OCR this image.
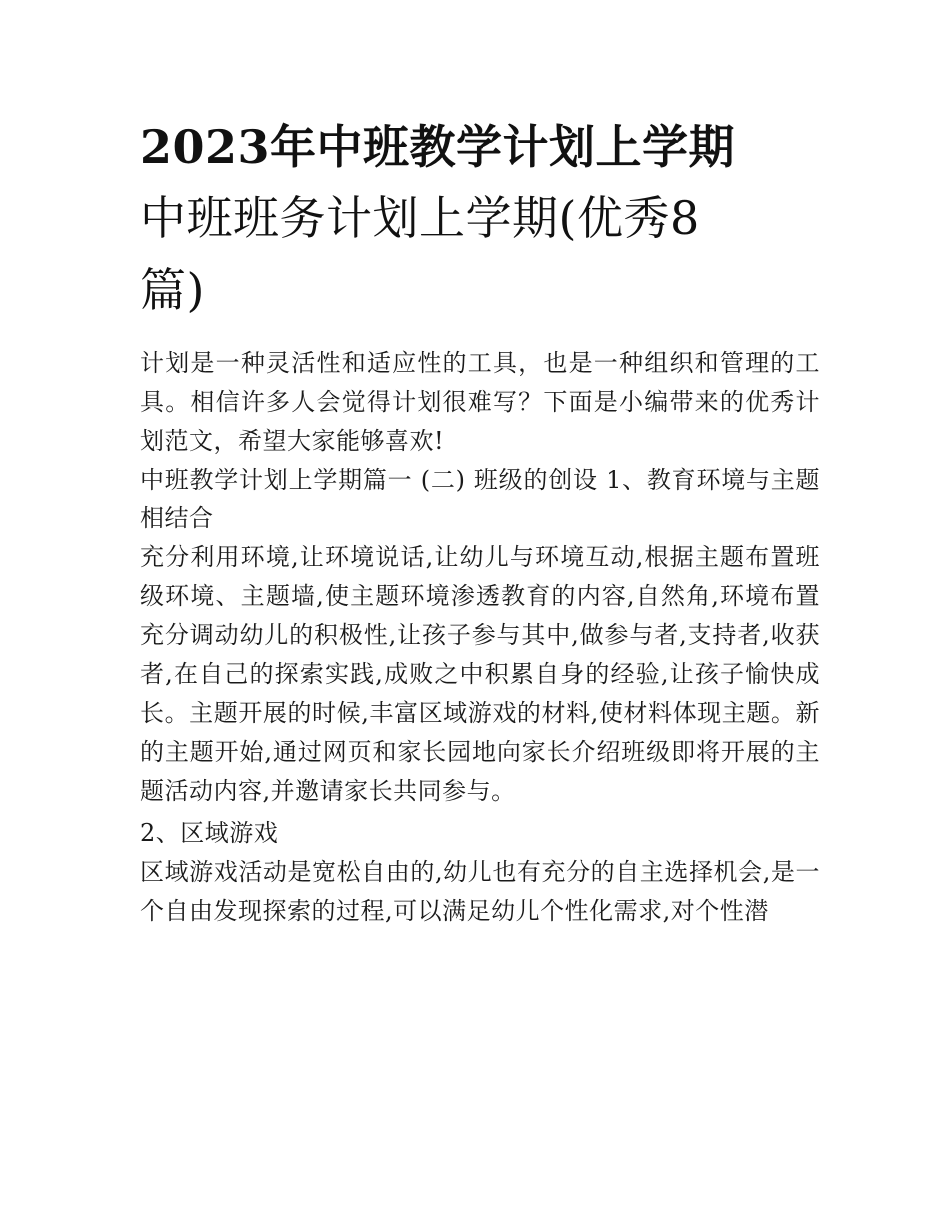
2023年中班教学计划上学期
中班班务计划上学期(优秀8篇)

计划是一种灵活性和适应性的工具，也是一种组织和管理的工具。相信许多人会觉得计划很难写？下面是小编带来的优秀计划范文，希望大家能够喜欢!

中班教学计划上学期篇一 (二) 班级的创设 1、教育环境与主题相结合

充分利用环境,让环境说话,让幼儿与环境互动,根据主题布置班级环境、主题墙,使主题环境渗透教育的内容,自然角,环境布置充分调动幼儿的积极性,让孩子参与其中,做参与者,支持者,收获者,在自己的探索实践,成败之中积累自身的经验,让孩子愉快成长。主题开展的时候,丰富区域游戏的材料,使材料体现主题。新的主题开始,通过网页和家长园地向家长介绍班级即将开展的主题活动内容,并邀请家长共同参与。

2、区域游戏

区域游戏活动是宽松自由的,幼儿也有充分的自主选择机会,是一个自由发现探索的过程,可以满足幼儿个性化需求,对个性潜
